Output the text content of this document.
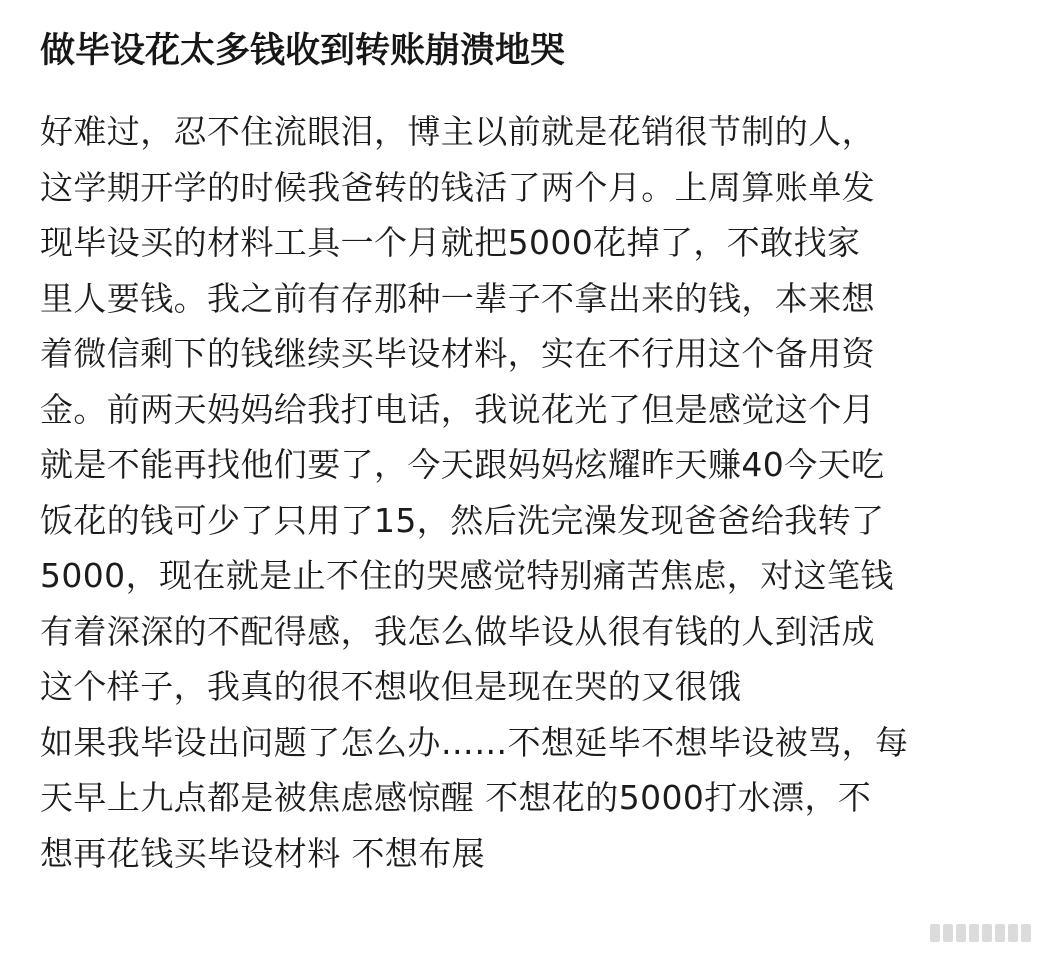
做毕设花太多钱收到转账崩溃地哭
好难过，忍不住流眼泪，博主以前就是花销很节制的人，
这学期开学的时候我爸转的钱活了两个月。上周算账单发
现毕设买的材料工具一个月就把5000花掉了，不敢找家
里人要钱。我之前有存那种一辈子不拿出来的钱，本来想
着微信剩下的钱继续买毕设材料，实在不行用这个备用资
金。前两天妈妈给我打电话，我说花光了但是感觉这个月
就是不能再找他们要了，今天跟妈妈炫耀昨天赚40今天吃
饭花的钱可少了只用了15，然后洗完澡发现爸爸给我转了
5000，现在就是止不住的哭感觉特别痛苦焦虑，对这笔钱
有着深深的不配得感，我怎么做毕设从很有钱的人到活成
这个样子，我真的很不想收但是现在哭的又很饿
如果我毕设出问题了怎么办……不想延毕不想毕设被骂，每
天早上九点都是被焦虑感惊醒 不想花的5000打水漂，不
想再花钱买毕设材料 不想布展
